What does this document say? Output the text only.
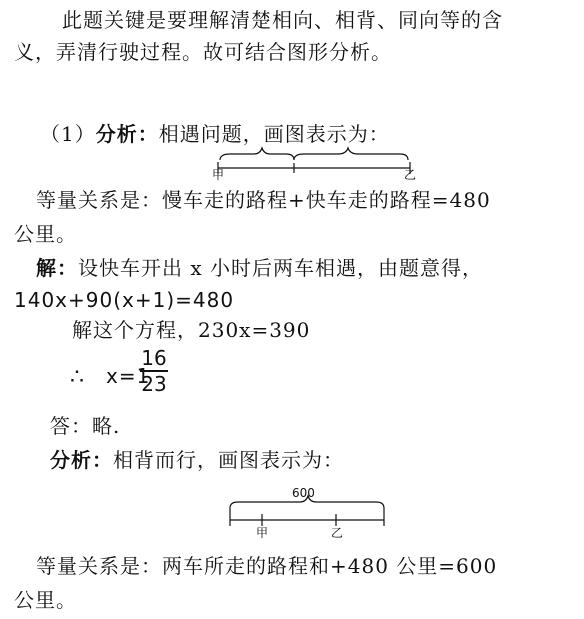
此题关键是要理解清楚相向、相背、同向等的含
义，弄清行驶过程。故可结合图形分析。
（1）分析：相遇问题，画图表示为：
甲	乙
等量关系是：慢车走的路程+快车走的路程=480
公里。
解：设快车开出 x 小时后两车相遇，由题意得，
140x+90(x+1)=480
解这个方程，230x=390
∴ x=1
$\frac{16}{23}$
答：略.
分析：相背而行，画图表示为：
600
甲	乙
等量关系是：两车所走的路程和+480 公里=600
公里。
